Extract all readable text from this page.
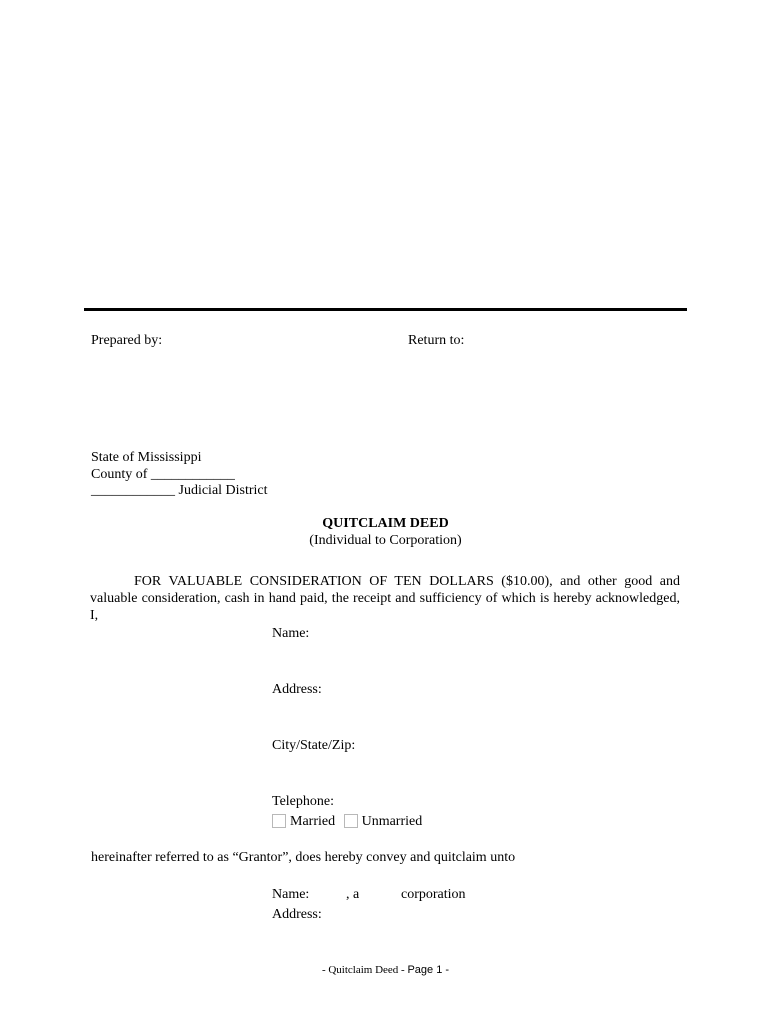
Prepared by:	Return to:
State of Mississippi
County of ____________
____________ Judicial District
QUITCLAIM DEED
(Individual to Corporation)
FOR VALUABLE CONSIDERATION OF TEN DOLLARS ($10.00), and other good and valuable consideration, cash in hand paid, the receipt and sufficiency of which is hereby acknowledged, I,
Name:
Address:
City/State/Zip:
Telephone:
Married Unmarried
hereinafter referred to as “Grantor”, does hereby convey and quitclaim unto
Name:	, a	corporation
Address:
- Quitclaim Deed - Page 1 -
